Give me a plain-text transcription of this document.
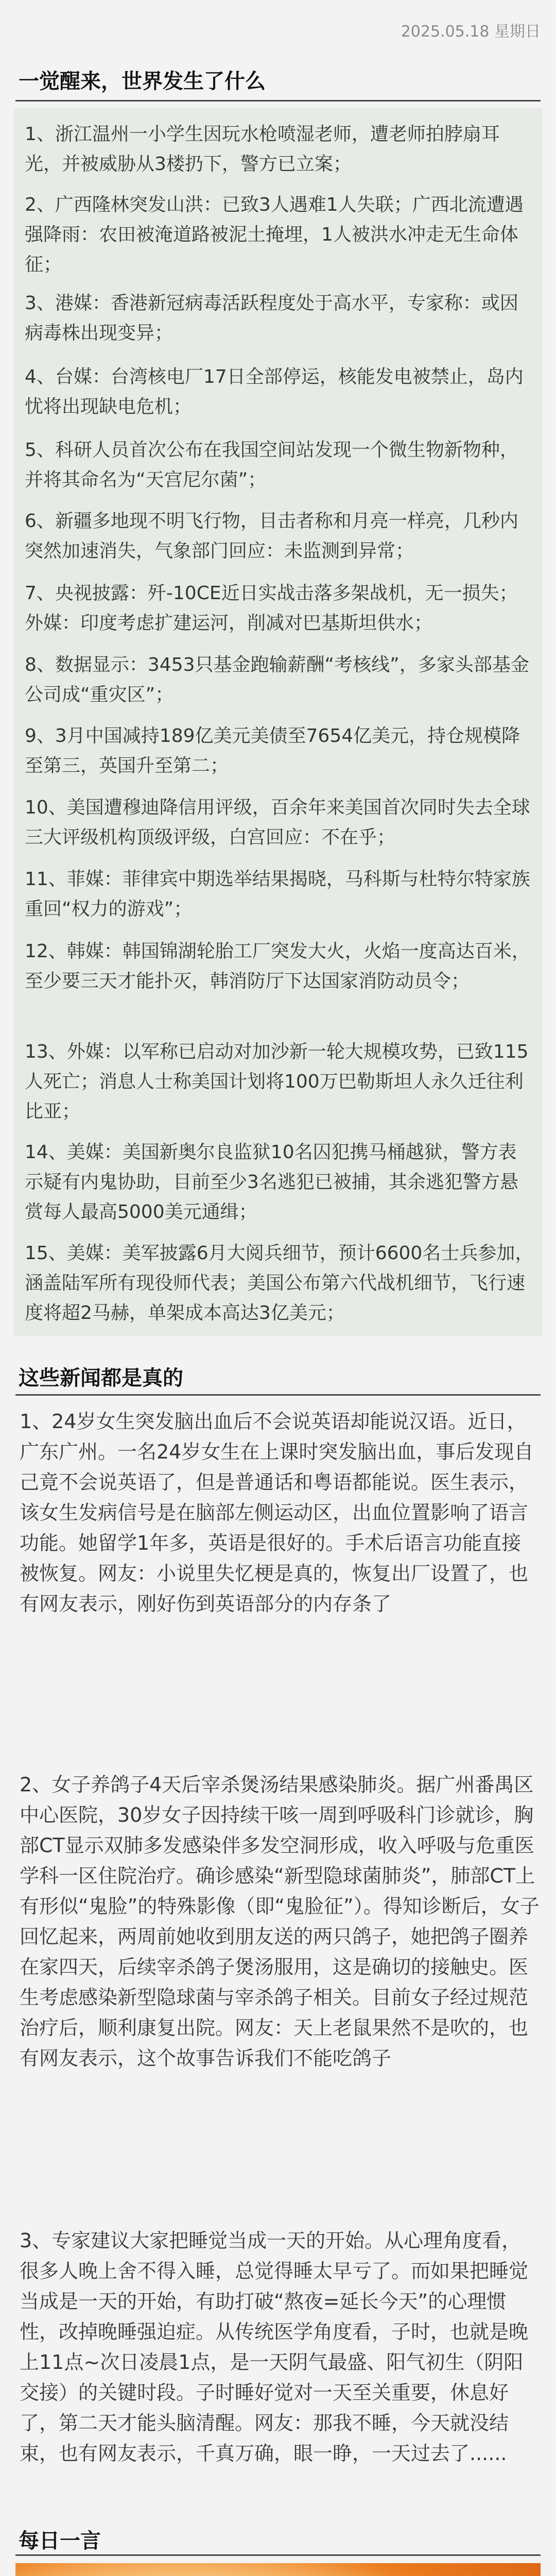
2025.05.18 星期日
一觉醒来，世界发生了什么

1、浙江温州一小学生因玩水枪喷湿老师，遭老师拍脖扇耳光，并被威胁从3楼扔下，警方已立案；

2、广西隆林突发山洪：已致3人遇难1人失联；广西北流遭遇强降雨：农田被淹道路被泥土掩埋，1人被洪水冲走无生命体征；

3、港媒：香港新冠病毒活跃程度处于高水平，专家称：或因病毒株出现变异；

4、台媒：台湾核电厂17日全部停运，核能发电被禁止，岛内忧将出现缺电危机；

5、科研人员首次公布在我国空间站发现一个微生物新物种，并将其命名为“天宫尼尔菌”；

6、新疆多地现不明飞行物，目击者称和月亮一样亮，几秒内突然加速消失，气象部门回应：未监测到异常；

7、央视披露：歼-10CE近日实战击落多架战机，无一损失；外媒：印度考虑扩建运河，削减对巴基斯坦供水；

8、数据显示：3453只基金跑输薪酬“考核线”，多家头部基金公司成“重灾区”；

9、3月中国减持189亿美元美债至7654亿美元，持仓规模降至第三，英国升至第二；

10、美国遭穆迪降信用评级，百余年来美国首次同时失去全球三大评级机构顶级评级，白宫回应：不在乎；

11、菲媒：菲律宾中期选举结果揭晓，马科斯与杜特尔特家族重回“权力的游戏”；

12、韩媒：韩国锦湖轮胎工厂突发大火，火焰一度高达百米，至少要三天才能扑灭，韩消防厅下达国家消防动员令；

13、外媒：以军称已启动对加沙新一轮大规模攻势，已致115人死亡；消息人士称美国计划将100万巴勒斯坦人永久迁往利比亚；

14、美媒：美国新奥尔良监狱10名囚犯携马桶越狱，警方表示疑有内鬼协助，目前至少3名逃犯已被捕，其余逃犯警方悬赏每人最高5000美元通缉；

15、美媒：美军披露6月大阅兵细节，预计6600名士兵参加，涵盖陆军所有现役师代表；美国公布第六代战机细节，飞行速度将超2马赫，单架成本高达3亿美元；

这些新闻都是真的

1、24岁女生突发脑出血后不会说英语却能说汉语。近日，广东广州。一名24岁女生在上课时突发脑出血，事后发现自己竟不会说英语了，但是普通话和粤语都能说。医生表示，该女生发病信号是在脑部左侧运动区，出血位置影响了语言功能。她留学1年多，英语是很好的。手术后语言功能直接被恢复。网友：小说里失忆梗是真的，恢复出厂设置了，也有网友表示，刚好伤到英语部分的内存条了

2、女子养鸽子4天后宰杀煲汤结果感染肺炎。据广州番禺区中心医院，30岁女子因持续干咳一周到呼吸科门诊就诊，胸部CT显示双肺多发感染伴多发空洞形成，收入呼吸与危重医学科一区住院治疗。确诊感染“新型隐球菌肺炎”，肺部CT上有形似“鬼脸”的特殊影像（即“鬼脸征”）。得知诊断后，女子回忆起来，两周前她收到朋友送的两只鸽子，她把鸽子圈养在家四天，后续宰杀鸽子煲汤服用，这是确切的接触史。医生考虑感染新型隐球菌与宰杀鸽子相关。目前女子经过规范治疗后，顺利康复出院。网友：天上老鼠果然不是吹的，也有网友表示，这个故事告诉我们不能吃鸽子

3、专家建议大家把睡觉当成一天的开始。从心理角度看，很多人晚上舍不得入睡，总觉得睡太早亏了。而如果把睡觉当成是一天的开始，有助打破“熬夜=延长今天”的心理惯性，改掉晚睡强迫症。从传统医学角度看，子时，也就是晚上11点~次日凌晨1点，是一天阴气最盛、阳气初生（阴阳交接）的关键时段。子时睡好觉对一天至关重要，休息好了，第二天才能头脑清醒。网友：那我不睡，今天就没结束，也有网友表示，千真万确，眼一睁，一天过去了......

每日一言
